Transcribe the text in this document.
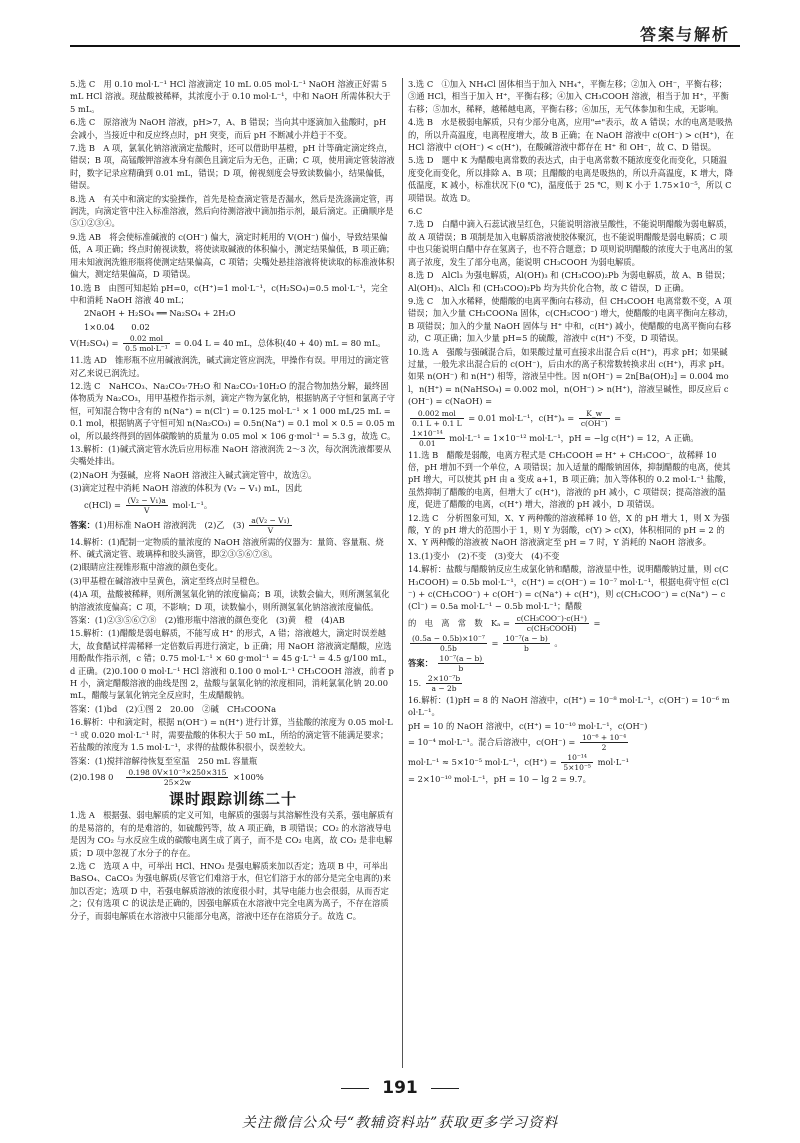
答案与解析
5.选 C　用 0.10 mol·L⁻¹ HCl 溶液滴定 10 mL 0.05 mol·L⁻¹ NaOH 溶液正好需 5 mL HCl 溶液。现盐酸被稀释，其浓度小于 0.10 mol·L⁻¹，中和 NaOH 所需体积大于 5 mL。
6.选 C　原溶液为 NaOH 溶液，pH>7，A、B 错误；当向其中逐滴加入盐酸时，pH 会减小，当接近中和反应终点时，pH 突变，而后 pH 不断减小并趋于不变。
7.选 B　A 项，氯氧化钠溶液滴定盐酸时，还可以借助甲基橙，pH 计等确定滴定终点，错误；B 项，高锰酸钾溶液本身有颜色且滴定后为无色，正确；C 项，使用滴定管装溶液时，数字记录应精确到 0.01 mL，错误；D 项，俯视刻度会导致读数偏小，结果偏低，错误。
8.选 A　有关中和滴定的实验操作，首先是检查滴定管是否漏水，然后是洗涤滴定管，再润洗，向滴定管中注入标准溶液，然后向待测溶液中滴加指示剂，最后滴定。正确顺序是⑤①②③④。
9.选 AB　将会使标准碱液的 c(OH⁻) 偏大，滴定时耗用的 V(OH⁻) 偏小，导致结果偏低，A 项正确；终点时俯视读数，将使读取碱液的体积偏小，测定结果偏低，B 项正确；用未知液润洗锥形瓶将使测定结果偏高，C 项错；尖嘴处悬挂溶液将使读取的标准液体积偏大，测定结果偏高，D 项错误。
10.选 B　由图可知起始 pH=0，c(H⁺)=1 mol·L⁻¹，c(H₂SO₄)=0.5 mol·L⁻¹，完全中和消耗 NaOH 溶液 40 mL；
2NaOH + H₂SO₄ ══ Na₂SO₄ + 2H₂O
1×0.04　　0.02
$V(H_2SO_4) = \frac{\text{0.02 mol}}{\text{0.5 mol·L⁻¹}} = 0.04$ L = 40 mL，总体积(40 + 40) mL = 80 mL。
11.选 AD　锥形瓶不应用碱液润洗，碱式滴定管应润洗，甲操作有误。甲用过的滴定管对乙来说已润洗过。
12.选 C　NaHCO₃、Na₂CO₃·7H₂O 和 Na₂CO₃·10H₂O 的混合物加热分解，最终固体物质为 Na₂CO₃，用甲基橙作指示剂，滴定产物为氯化钠，根据钠离子守恒和氯离子守恒，可知混合物中含有的 n(Na⁺) = n(Cl⁻) = 0.125 mol·L⁻¹ × 1 000 mL/25 mL = 0.1 mol，根据钠离子守恒可知 n(Na₂CO₃) = 0.5n(Na⁺) = 0.1 mol × 0.5 = 0.05 mol，所以最终得到的固体碳酸钠的质量为 0.05 mol × 106 g·mol⁻¹ = 5.3 g，故选 C。
13.解析：(1)碱式滴定管水洗后应用标准 NaOH 溶液润洗 2～3 次，每次润洗液都要从尖嘴处排出。
(2)NaOH 为强碱，应将 NaOH 溶液注入碱式滴定管中，故选②。
(3)滴定过程中消耗 NaOH 溶液的体积为 (V₂ − V₁) mL，因此
$c(HCl) = \frac{\text{(V₂ − V₁)a}}{V} mol\cdot L^{-1}$。
答案：(1)用标准 NaOH 溶液润洗　(2)乙　$(3) \frac{\text{a(V₂ − V₁)}}{V}$
14.解析：(1)配制一定物质的量浓度的 NaOH 溶液所需的仪器为：量筒、容量瓶、烧杯、碱式滴定管、玻璃棒和胶头滴管，即②③⑤⑥⑦⑧。
(2)眼睛应注视锥形瓶中溶液的颜色变化。
(3)甲基橙在碱溶液中呈黄色，滴定至终点时呈橙色。
(4)A 项，盐酸被稀释，则所测氢氧化钠的浓度偏高；B 项，读数会偏大，则所测氢氧化钠溶液浓度偏高；C 项，不影响；D 项，读数偏小，则所测氢氧化钠溶液浓度偏低。
答案：(1)②③⑤⑥⑦⑧　(2)锥形瓶中溶液的颜色变化　(3)黄　橙　(4)AB
15.解析：(1)醋酸是弱电解质，不能写成 H⁺ 的形式，A 错；溶液越大，滴定时误差越大，故食醋试样需稀释一定倍数后再进行滴定，b 正确；用 NaOH 溶液滴定醋酸，应选用酚酞作指示剂，c 错；0.75 mol·L⁻¹ × 60 g·mol⁻¹ = 45 g·L⁻¹ = 4.5 g/100 mL，d 正确。(2)0.100 0 mol·L⁻¹ HCl 溶液和 0.100 0 mol·L⁻¹ CH₃COOH 溶液，前者 pH 小，滴定醋酸溶液的曲线是图 2，盐酸与氯氧化钠的浓度相同，消耗氯氧化钠 20.00 mL，醋酸与氯氧化钠完全反应时，生成醋酸钠。
答案：(1)bd　(2)①图 2　20.00　②碱　CH₃COONa
16.解析：中和滴定时，根据 n(OH⁻) = n(H⁺) 进行计算，当盐酸的浓度为 0.05 mol·L⁻¹ 或 0.020 mol·L⁻¹ 时，需要盐酸的体积大于 50 mL，所给的滴定管不能满足要求；若盐酸的浓度为 1.5 mol·L⁻¹，求得的盐酸体积很小，误差较大。
答案：(1)搅拌溶解待恢复至室温　250 mL 容量瓶
(2)0.198 0　 $\frac{\text{0.198 0V×10⁻³×250×315}}{25\times 2w} \times 100\%$
课时跟踪训练二十
1.选 A　根据强、弱电解质的定义可知，电解质的强弱与其溶解性没有关系，强电解质有的是易溶的，有的是难溶的，如硫酸钙等，故 A 项正确，B 项错误；CO₂ 的水溶液导电是因为 CO₂ 与水反应生成的碳酸电离生成了离子，而不是 CO₂ 电离，故 CO₂ 是非电解质；D 项中忽视了水分子的存在。
2.选 C　选项 A 中，可举出 HCl、HNO₃ 是强电解质来加以否定；选项 B 中，可举出 BaSO₄、CaCO₃ 为强电解质(尽管它们难溶于水，但它们溶于水的部分是完全电离的)来加以否定；选项 D 中，若强电解质溶液的浓度很小时，其导电能力也会很弱，从而否定之；仅有选项 C 的说法是正确的，因强电解质在水溶液中完全电离为离子，不存在溶质分子，而弱电解质在水溶液中只能部分电离，溶液中还存在溶质分子。故选 C。
3.选 C　①加入 NH₄Cl 固体相当于加入 NH₄⁺，平衡左移；②加入 OH⁻，平衡右移；③通 HCl，相当于加入 H⁺，平衡右移；④加入 CH₃COOH 溶液，相当于加 H⁺，平衡右移；⑤加水，稀释，越稀越电离，平衡右移；⑥加压，无气体参加和生成，无影响。
4.选 B　水是极弱电解质，只有少部分电离，应用"⇌"表示，故 A 错误；水的电离是吸热的，所以升高温度，电离程度增大，故 B 正确；在 NaOH 溶液中 c(OH⁻) > c(H⁺)，在 HCl 溶液中 c(OH⁻) < c(H⁺)，在酸碱溶液中都存在 H⁺ 和 OH⁻，故 C、D 错误。
5.选 D　题中 K 为醋酸电离常数的表达式，由于电离常数不随浓度变化而变化，只随温度变化而变化，所以排除 A、B 项；且醋酸的电离是吸热的，所以升高温度，K 增大，降低温度，K 减小，标准状况下(0 ℃)，温度低于 25 ℃，则 K 小于 1.75×10⁻⁵，所以 C 项错误。故选 D。
6.C
7.选 D　白醋中滴入石蕊试液呈红色，只能说明溶液呈酸性，不能说明醋酸为弱电解质，故 A 项错误；B 项制是加入电解质溶液使胶体聚沉，也不能说明醋酸是弱电解质；C 项中也只能说明白醋中存在氢离子，也不符合题意；D 项则说明醋酸的浓度大于电离出的氢离子浓度，发生了部分电离，能说明 CH₃COOH 为弱电解质。
8.选 D　AlCl₃ 为强电解质，Al(OH)₃ 和 (CH₃COO)₂Pb 为弱电解质，故 A、B 错误；Al(OH)₃、AlCl₃ 和 (CH₃COO)₂Pb 均为共价化合物，故 C 错误，D 正确。
9.选 C　加入水稀释，使醋酸的电离平衡向右移动，但 CH₃COOH 电离常数不变，A 项错误；加入少量 CH₃COONa 固体，c(CH₃COO⁻) 增大，使醋酸的电离平衡向左移动，B 项错误；加入的少量 NaOH 固体与 H⁺ 中和，c(H⁺) 减小，使醋酸的电离平衡向右移动，C 项正确；加入少量 pH=5 的硫酸，溶液中 c(H⁺) 不变，D 项错误。
10.选 A　强酸与强碱混合后，如果酸过量可直接求出混合后 c(H⁺)，再求 pH；如果碱过量，一般先求出混合后的 c(OH⁻)，后由水的离子积常数转换求出 c(H⁺)，再求 pH。如果 n(OH⁻) 和 n(H⁺) 相等，溶液呈中性。因 n(OH⁻) = 2n[Ba(OH)₂] = 0.004 mol，n(H⁺) = n(NaHSO₄) = 0.002 mol，n(OH⁻) > n(H⁺)，溶液呈碱性，即反应后 c(OH⁻) = c(NaOH) =
$\frac{\text{0.002 mol}}{0.1 L + 0.1 L} = 0.01$ mol·L⁻¹，$c(H^+)_a = \frac{K\_w}{c(OH^-)}$ =
$\frac{\text{1×10⁻¹⁴}}{0.01} mol\cdot L^{-1} = 1\times 10^{-12}$ mol·L⁻¹，pH = −lg c(H⁺) = 12，A 正确。
11.选 B　醋酸是弱酸，电离方程式是 CH₃COOH ⇌ H⁺ + CH₃COO⁻，故稀释 10 倍，pH 增加不到一个单位，A 项错误；加入适量的醋酸钠固体，抑制醋酸的电离，使其 pH 增大，可以使其 pH 由 a 变成 a+1，B 项正确；加入等体积的 0.2 mol·L⁻¹ 盐酸，虽然抑制了醋酸的电离，但增大了 c(H⁺)，溶液的 pH 减小，C 项错误；提高溶液的温度，促进了醋酸的电离，c(H⁺) 增大，溶液的 pH 减小，D 项错误。
12.选 C　分析图象可知，X、Y 两种酸的溶液稀释 10 倍，X 的 pH 增大 1，则 X 为强酸，Y 的 pH 增大的范围小于 1，则 Y 为弱酸，c(Y) > c(X)，体积相同的 pH = 2 的 X、Y 两种酸的溶液被 NaOH 溶液滴定至 pH = 7 时，Y 消耗的 NaOH 溶液多。
13.(1)变小　(2)不变　(3)变大　(4)不变
14.解析：盐酸与醋酸钠反应生成氯化钠和醋酸，溶液显中性，说明醋酸钠过量，则 c(CH₃COOH) = 0.5b mol·L⁻¹，c(H⁺) = c(OH⁻) = 10⁻⁷ mol·L⁻¹，根据电荷守恒 c(Cl⁻) + c(CH₃COO⁻) + c(OH⁻) = c(Na⁺) + c(H⁺)，则 c(CH₃COO⁻) = c(Na⁺) − c(Cl⁻) = 0.5a mol·L⁻¹ − 0.5b mol·L⁻¹；醋酸
的　电　离　常　数　$K_a = \frac{\text{c(CH₃COO⁻)·c(H⁺)}}{\text{c(CH₃COOH)}}$ =
$\frac{\text{(0.5a − 0.5b)×10⁻⁷}}{0.5b} = \frac{\text{10⁻⁷(a − b)}}{b}$ 。
答案： $\frac{\text{10⁻⁷(a − b)}}{b}$
15. $\frac{\text{2×10⁻⁷b}}{a - 2b}$
16.解析：(1)pH = 8 的 NaOH 溶液中，c(H⁺) = 10⁻⁸ mol·L⁻¹，c(OH⁻) = 10⁻⁶ mol·L⁻¹。
pH = 10 的 NaOH 溶液中，c(H⁺) = 10⁻¹⁰ mol·L⁻¹，c(OH⁻)
= 10⁻⁴ mol·L⁻¹。混合后溶液中，$c(OH^-) = \frac{\text{10⁻⁶ + 10⁻⁴}}{2}$
mol·L⁻¹ ≈ 5×10⁻⁵ mol·L⁻¹，$c(H^+) = \frac{\text{10⁻¹⁴}}{\text{5×10⁻⁵}} mol\cdot L^{-1}$
= 2×10⁻¹⁰ mol·L⁻¹，pH = 10 − lg 2 = 9.7。
191
关注微信公众号“教辅资料站”获取更多学习资料
